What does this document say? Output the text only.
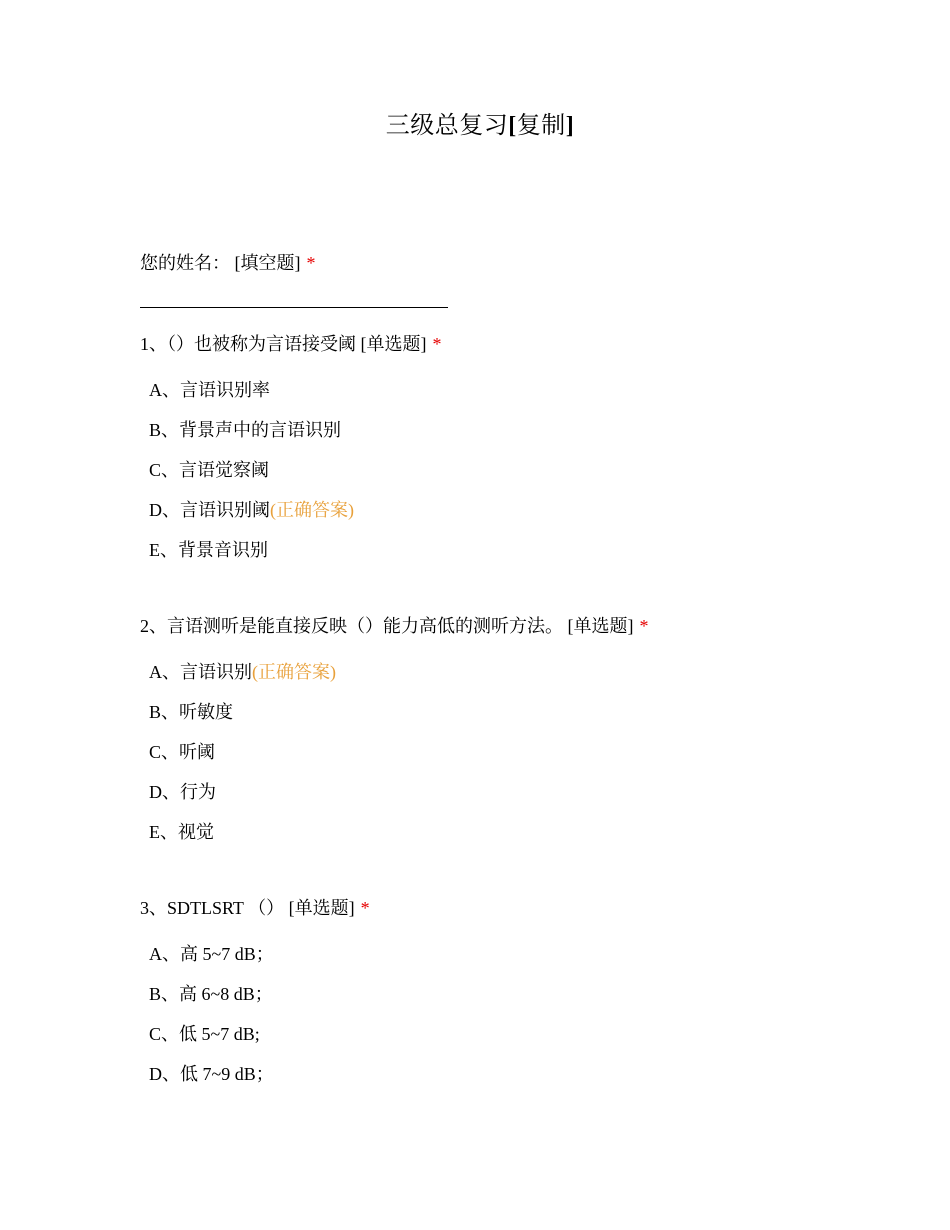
三级总复习[复制]
您的姓名： [填空题] *
1、（）也被称为言语接受阈 [单选题] *
A、言语识别率
B、背景声中的言语识别
C、言语觉察阈
D、言语识别阈(正确答案)
E、背景音识别
2、言语测听是能直接反映（）能力高低的测听方法。 [单选题] *
A、言语识别(正确答案)
B、听敏度
C、听阈
D、行为
E、视觉
3、SDTLSRT （） [单选题] *
A、高 5~7 dB；
B、高 6~8 dB；
C、低 5~7 dB;
D、低 7~9 dB；
